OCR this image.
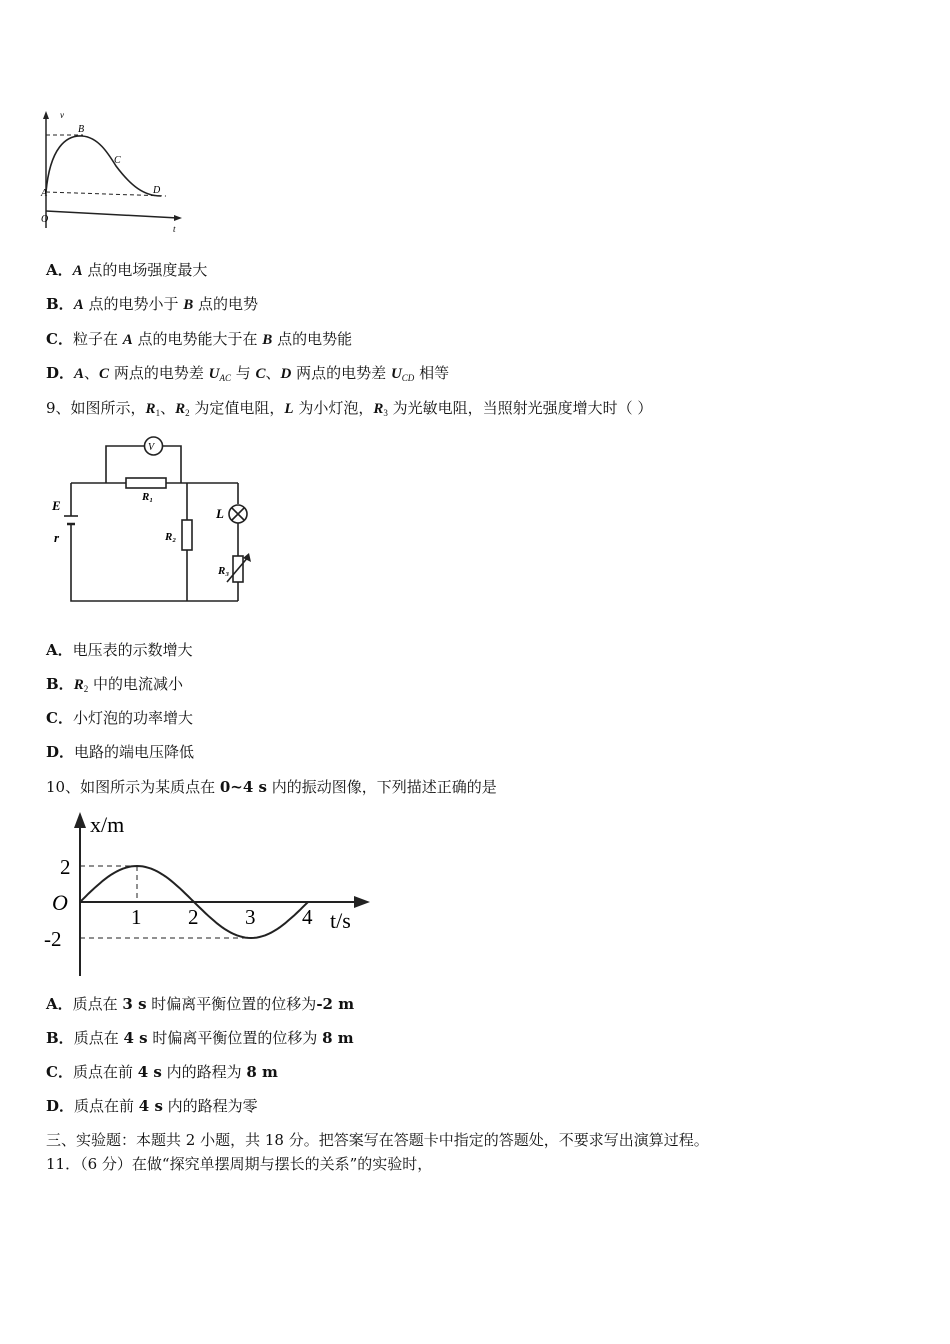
v
B
C
D
A
O
t
V
R₁
R₂
R₃
L
E
r
1 2 3 4
2
-2
x/m
t/s
O
A．A 点的电场强度最大
B．A 点的电势小于 B 点的电势
C．粒子在 A 点的电势能大于在 B 点的电势能
D．A、C 两点的电势差 $U_{AC}$ 与 C、D 两点的电势差 $U_{CD}$ 相等
9、如图所示，$R_1$、$R_2$ 为定值电阻，L 为小灯泡，$R_3$ 为光敏电阻，当照射光强度增大时（ ）
A．电压表的示数增大
B．$R_2$ 中的电流减小
C．小灯泡的功率增大
D．电路的端电压降低
10、如图所示为某质点在 0~4 s 内的振动图像，下列描述正确的是
A．质点在 3 s 时偏离平衡位置的位移为-2 m
B．质点在 4 s 时偏离平衡位置的位移为 8 m
C．质点在前 4 s 内的路程为 8 m
D．质点在前 4 s 内的路程为零
三、实验题：本题共 2 小题，共 18 分。把答案写在答题卡中指定的答题处，不要求写出演算过程。
11．（6 分）在做“探究单摆周期与摆长的关系”的实验时，
